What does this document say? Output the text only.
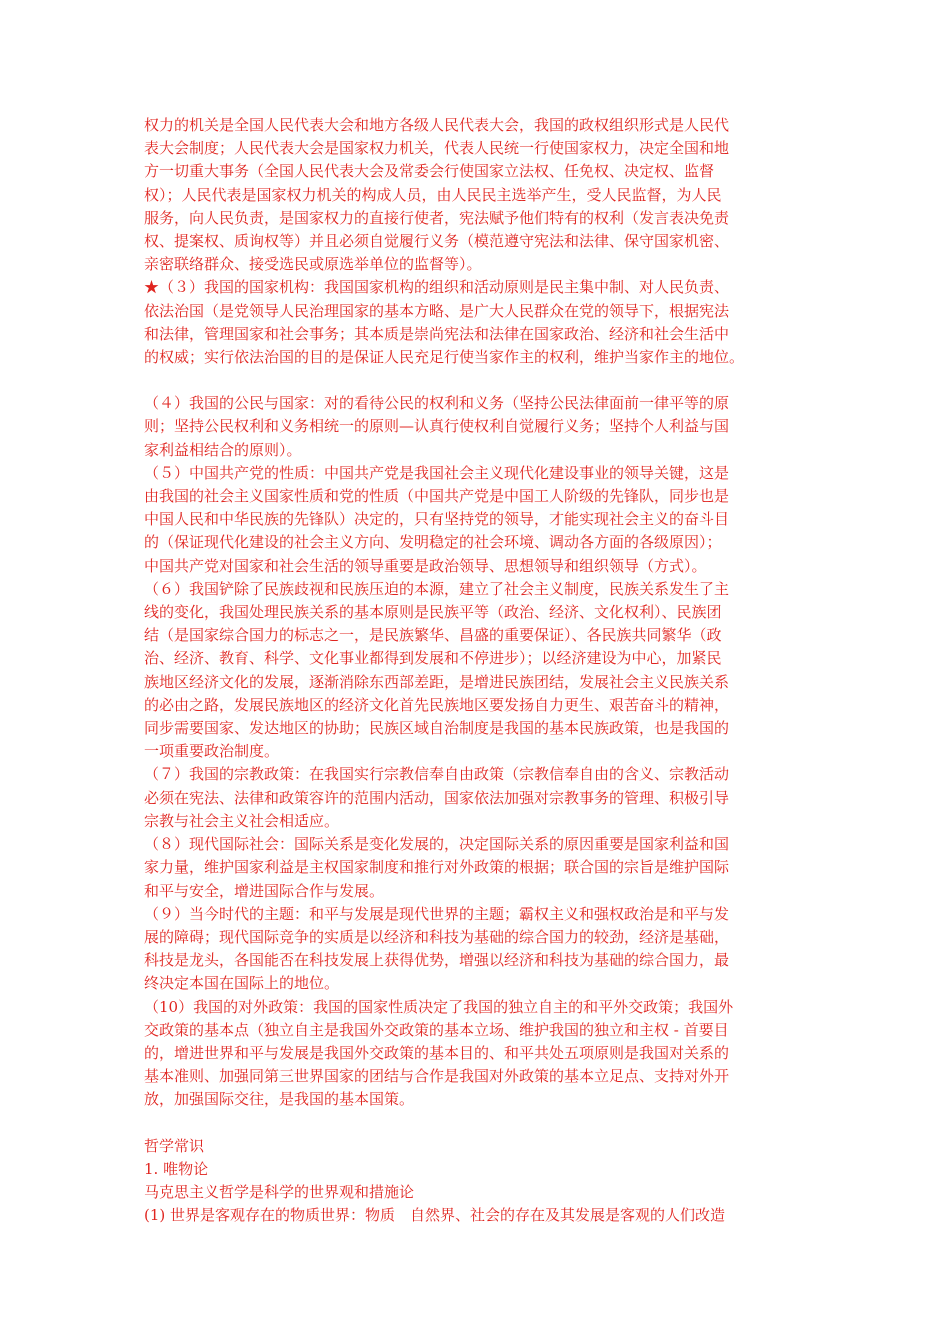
权力的机关是全国人民代表大会和地方各级人民代表大会，我国的政权组织形式是人民代
表大会制度；人民代表大会是国家权力机关，代表人民统一行使国家权力，决定全国和地
方一切重大事务（全国人民代表大会及常委会行使国家立法权、任免权、决定权、监督
权）；人民代表是国家权力机关的构成人员，由人民民主选举产生，受人民监督，为人民
服务，向人民负责，是国家权力的直接行使者，宪法赋予他们特有的权利（发言表决免责
权、提案权、质询权等）并且必须自觉履行义务（模范遵守宪法和法律、保守国家机密、
亲密联络群众、接受选民或原选举单位的监督等）。
★（３）我国的国家机构：我国国家机构的组织和活动原则是民主集中制、对人民负责、
依法治国（是党领导人民治理国家的基本方略、是广大人民群众在党的领导下，根据宪法
和法律，管理国家和社会事务；其本质是崇尚宪法和法律在国家政治、经济和社会生活中
的权威；实行依法治国的目的是保证人民充足行使当家作主的权利，维护当家作主的地位。
（４）我国的公民与国家：对的看待公民的权利和义务（坚持公民法律面前一律平等的原
则；坚持公民权利和义务相统一的原则—认真行使权利自觉履行义务；坚持个人利益与国
家利益相结合的原则）。
（５）中国共产党的性质：中国共产党是我国社会主义现代化建设事业的领导关键，这是
由我国的社会主义国家性质和党的性质（中国共产党是中国工人阶级的先锋队，同步也是
中国人民和中华民族的先锋队）决定的，只有坚持党的领导，才能实现社会主义的奋斗目
的（保证现代化建设的社会主义方向、发明稳定的社会环境、调动各方面的各级原因）；
中国共产党对国家和社会生活的领导重要是政治领导、思想领导和组织领导（方式）。
（６）我国铲除了民族歧视和民族压迫的本源，建立了社会主义制度，民族关系发生了主
线的变化，我国处理民族关系的基本原则是民族平等（政治、经济、文化权利）、民族团
结（是国家综合国力的标志之一，是民族繁华、昌盛的重要保证）、各民族共同繁华（政
治、经济、教育、科学、文化事业都得到发展和不停进步）；以经济建设为中心，加紧民
族地区经济文化的发展，逐渐消除东西部差距，是增进民族团结，发展社会主义民族关系
的必由之路，发展民族地区的经济文化首先民族地区要发扬自力更生、艰苦奋斗的精神，
同步需要国家、发达地区的协助；民族区域自治制度是我国的基本民族政策，也是我国的
一项重要政治制度。
（７）我国的宗教政策：在我国实行宗教信奉自由政策（宗教信奉自由的含义、宗教活动
必须在宪法、法律和政策容许的范围内活动，国家依法加强对宗教事务的管理、积极引导
宗教与社会主义社会相适应。
（８）现代国际社会：国际关系是变化发展的，决定国际关系的原因重要是国家利益和国
家力量，维护国家利益是主权国家制度和推行对外政策的根据；联合国的宗旨是维护国际
和平与安全，增进国际合作与发展。
（９）当今时代的主题：和平与发展是现代世界的主题；霸权主义和强权政治是和平与发
展的障碍；现代国际竞争的实质是以经济和科技为基础的综合国力的较劲，经济是基础，
科技是龙头，各国能否在科技发展上获得优势，增强以经济和科技为基础的综合国力，最
终决定本国在国际上的地位。
（10）我国的对外政策：我国的国家性质决定了我国的独立自主的和平外交政策；我国外
交政策的基本点（独立自主是我国外交政策的基本立场、维护我国的独立和主权 - 首要目
的，增进世界和平与发展是我国外交政策的基本目的、和平共处五项原则是我国对关系的
基本准则、加强同第三世界国家的团结与合作是我国对外政策的基本立足点、支持对外开
放，加强国际交往，是我国的基本国策。
哲学常识
1. 唯物论
马克思主义哲学是科学的世界观和措施论
(1) 世界是客观存在的物质世界：物质　自然界、社会的存在及其发展是客观的人们改造
